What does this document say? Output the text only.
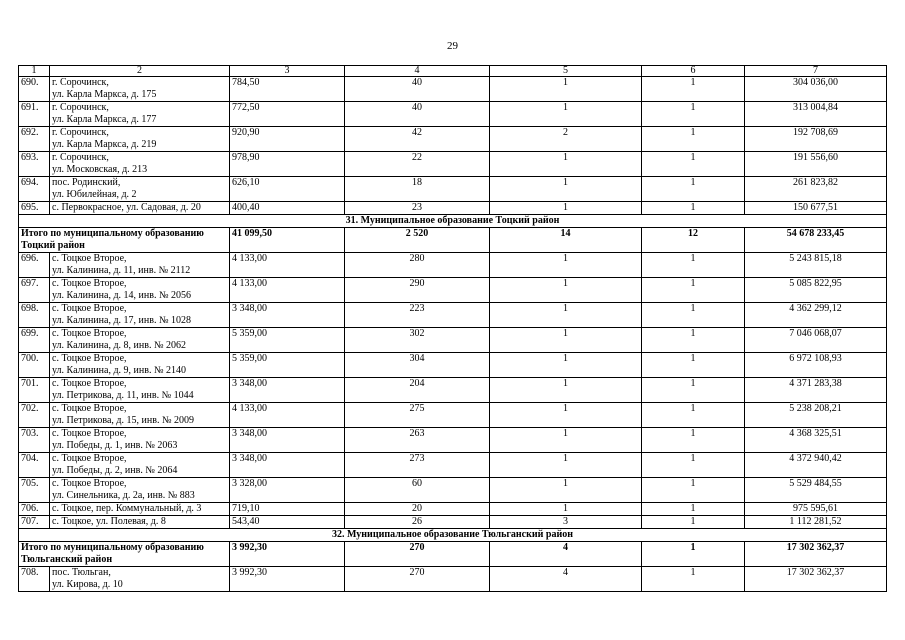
29
1	2	3	4	5	6	7
690.	г. Сорочинск,
ул. Карла Маркса, д. 175	784,50	40	1	1	304 036,00
691.	г. Сорочинск,
ул. Карла Маркса, д. 177	772,50	40	1	1	313 004,84
692.	г. Сорочинск,
ул. Карла Маркса, д. 219	920,90	42	2	1	192 708,69
693.	г. Сорочинск,
ул. Московская, д. 213	978,90	22	1	1	191 556,60
694.	пос. Родинский,
ул. Юбилейная, д. 2	626,10	18	1	1	261 823,82
695.	с. Первокрасное, ул. Садовая, д. 20	400,40	23	1	1	150 677,51
31. Муниципальное образование Тоцкий район						

Итого по муниципальному образованию
Тоцкий район		41 099,50	2 520	14	12	54 678 233,45
696.	с. Тоцкое Второе,
ул. Калинина, д. 11, инв. № 2112	4 133,00	280	1	1	5 243 815,18
697.	с. Тоцкое Второе,
ул. Калинина, д. 14, инв. № 2056	4 133,00	290	1	1	5 085 822,95
698.	с. Тоцкое Второе,
ул. Калинина, д. 17, инв. № 1028	3 348,00	223	1	1	4 362 299,12
699.	с. Тоцкое Второе,
ул. Калинина, д. 8, инв. № 2062	5 359,00	302	1	1	7 046 068,07
700.	с. Тоцкое Второе,
ул. Калинина, д. 9, инв. № 2140	5 359,00	304	1	1	6 972 108,93
701.	с. Тоцкое Второе,
ул. Петрикова, д. 11, инв. № 1044	3 348,00	204	1	1	4 371 283,38
702.	с. Тоцкое Второе,
ул. Петрикова, д. 15, инв. № 2009	4 133,00	275	1	1	5 238 208,21
703.	с. Тоцкое Второе,
ул. Победы, д. 1, инв. № 2063	3 348,00	263	1	1	4 368 325,51
704.	с. Тоцкое Второе,
ул. Победы, д. 2, инв. № 2064	3 348,00	273	1	1	4 372 940,42
705.	с. Тоцкое Второе,
ул. Синельника, д. 2а, инв. № 883	3 328,00	60	1	1	5 529 484,55
706.	с. Тоцкое, пер. Коммунальный, д. 3	719,10	20	1	1	975 595,61
707.	с. Тоцкое, ул. Полевая, д. 8	543,40	26	3	1	1 112 281,52
32. Муниципальное образование Тюльганский район						

Итого по муниципальному образованию
Тюльганский район		3 992,30	270	4	1	17 302 362,37
708.	пос. Тюльган,
ул. Кирова, д. 10	3 992,30	270	4	1	17 302 362,37
